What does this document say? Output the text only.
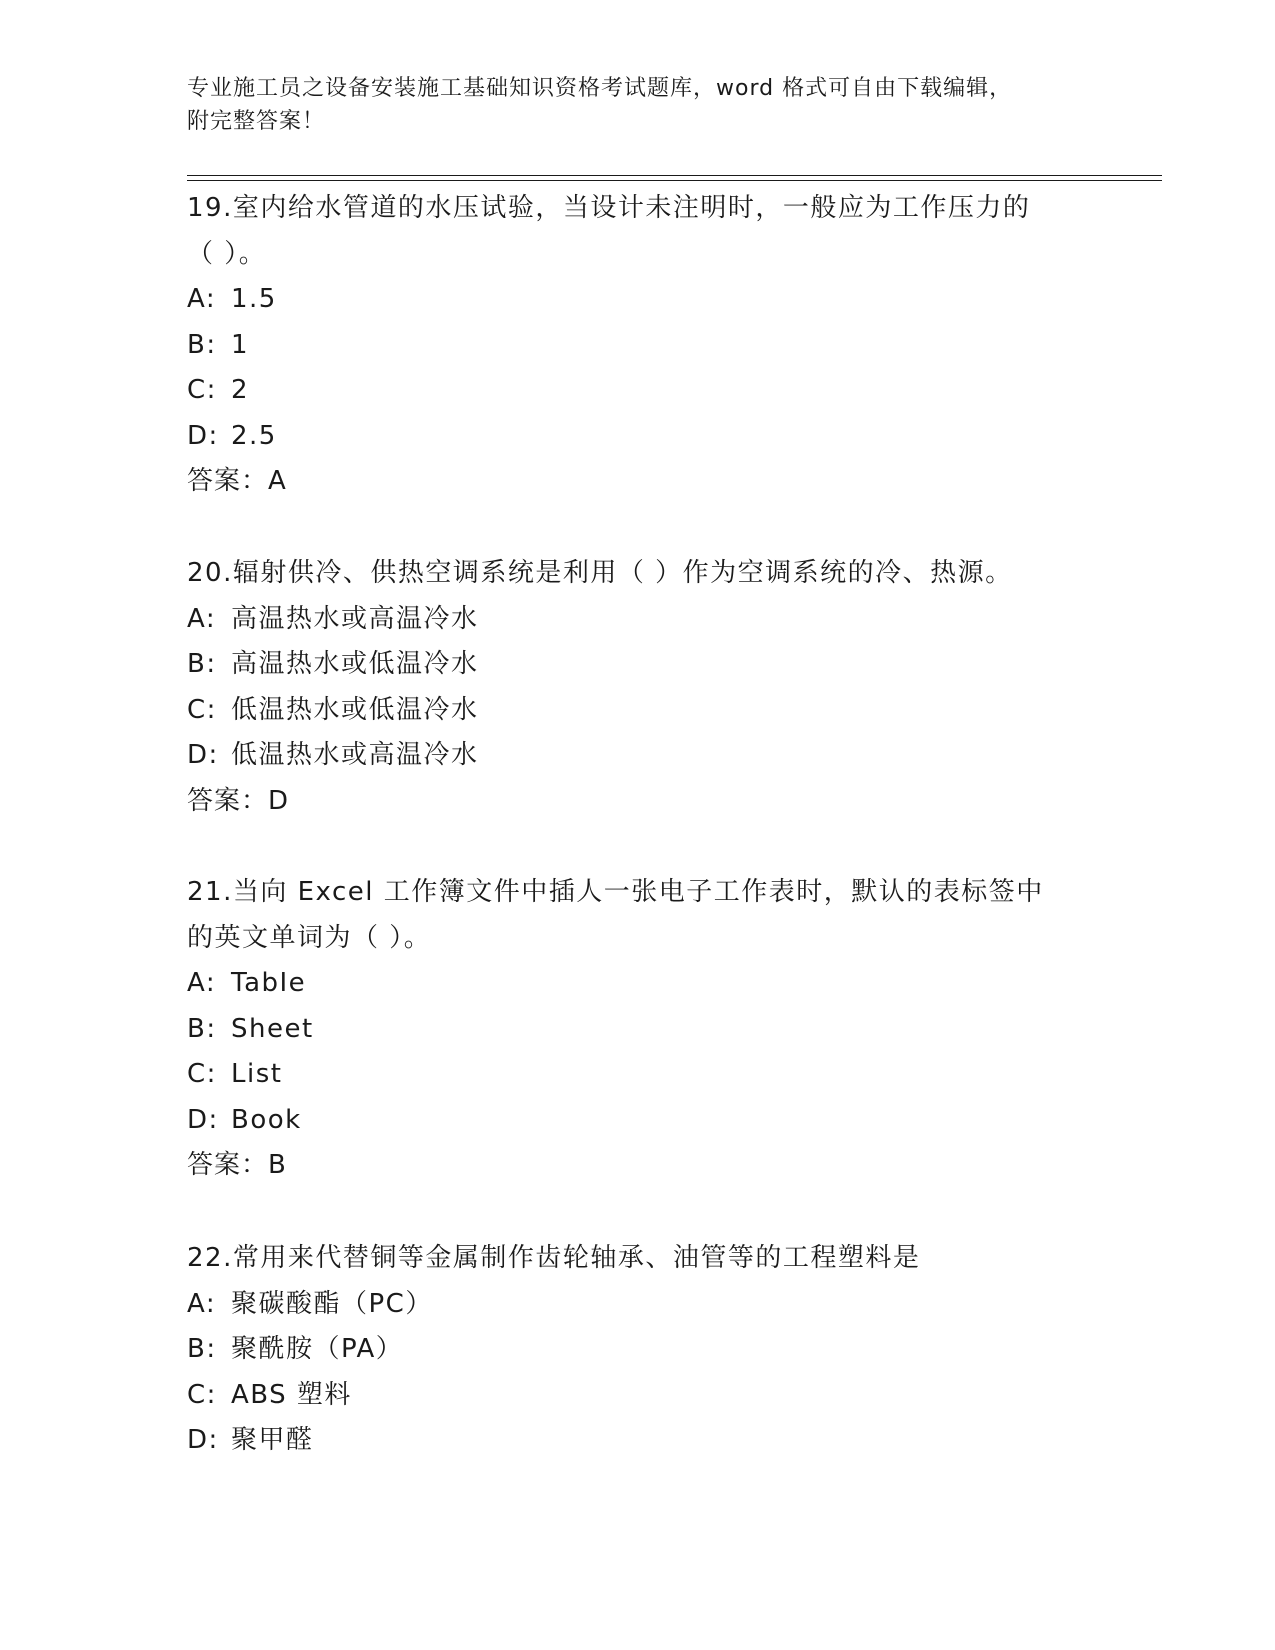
专业施工员之设备安装施工基础知识资格考试题库，word 格式可自由下载编辑，
附完整答案！
19.室内给水管道的水压试验，当设计未注明时，一般应为工作压力的
（ ）。
A: 1.5
B: 1
C: 2
D: 2.5
答案：A
20.辐射供冷、供热空调系统是利用（ ）作为空调系统的冷、热源。
A: 高温热水或高温冷水
B: 高温热水或低温冷水
C: 低温热水或低温冷水
D: 低温热水或高温冷水
答案：D
21.当向 Excel 工作簿文件中插人一张电子工作表时，默认的表标签中
的英文单词为（ ）。
A: TabIe
B: Sheet
C: List
D: Book
答案：B
22.常用来代替铜等金属制作齿轮轴承、油管等的工程塑料是
A: 聚碳酸酯（PC）
B: 聚酰胺（PA）
C: ABS 塑料
D: 聚甲醛
